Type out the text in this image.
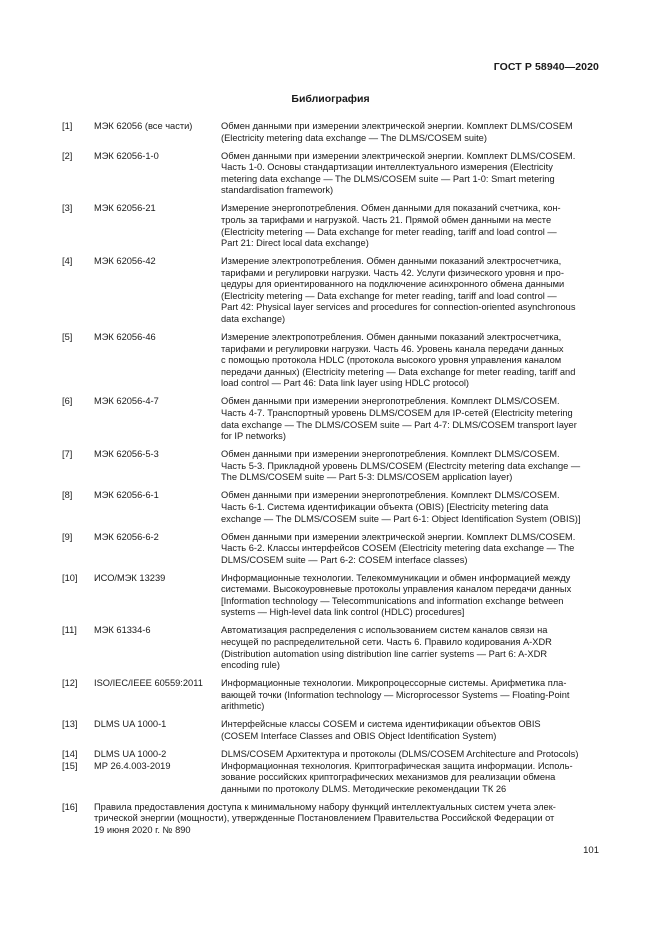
ГОСТ Р 58940—2020
Библиография
[1]	МЭК 62056 (все части)	Обмен данными при измерении электрической энергии. Комплект DLMS/COSEM
(Electricity metering data exchange — The DLMS/COSEM suite)
[2]	МЭК 62056-1-0	Обмен данными при измерении электрической энергии. Комплект DLMS/COSEM.
Часть 1-0. Основы стандартизации интеллектуального измерения (Electricity
metering data exchange — The DLMS/COSEM suite — Part 1-0: Smart metering
standardisation framework)
[3]	МЭК 62056-21	Измерение энергопотребления. Обмен данными для показаний счетчика, кон-
троль за тарифами и нагрузкой. Часть 21. Прямой обмен данными на месте
(Electricity metering — Data exchange for meter reading, tariff and load control —
Part 21: Direct local data exchange)
[4]	МЭК 62056-42	Измерение электропотребления. Обмен данными показаний электросчетчика,
тарифами и регулировки нагрузки. Часть 42. Услуги физического уровня и про-
цедуры для ориентированного на подключение асинхронного обмена данными
(Electricity metering — Data exchange for meter reading, tariff and load control —
Part 42: Physical layer services and procedures for connection-oriented asynchronous
data exchange)
[5]	МЭК 62056-46	Измерение электропотребления. Обмен данными показаний электросчетчика,
тарифами и регулировки нагрузки. Часть 46. Уровень канала передачи данных
с помощью протокола HDLC (протокола высокого уровня управления каналом
передачи данных) (Electricity metering — Data exchange for meter reading, tariff and
load control — Part 46: Data link layer using HDLC protocol)
[6]	МЭК 62056-4-7	Обмен данными при измерении энергопотребления. Комплект DLMS/COSEM.
Часть 4-7. Транспортный уровень DLMS/COSEM для IP-сетей (Electricity metering
data exchange — The DLMS/COSEM suite — Part 4-7: DLMS/COSEM transport layer
for IP networks)
[7]	МЭК 62056-5-3	Обмен данными при измерении энергопотребления. Комплект DLMS/COSEM.
Часть 5-3. Прикладной уровень DLMS/COSEM (Electrcity metering data exchange —
The DLMS/COSEM suite — Part 5-3: DLMS/COSEM application layer)
[8]	МЭК 62056-6-1	Обмен данными при измерении энергопотребления. Комплект DLMS/COSEM.
Часть 6-1. Система идентификации объекта (OBIS) [Electricity metering data
exchange — The DLMS/COSEM suite — Part 6-1: Object Identification System (OBIS)]
[9]	МЭК 62056-6-2	Обмен данными при измерении электрической энергии. Комплект DLMS/COSEM.
Часть 6-2. Классы интерфейсов COSEM (Electricity metering data exchange — The
DLMS/COSEM suite — Part 6-2: COSEM interface classes)
[10]	ИСО/МЭК 13239	Информационные технологии. Телекоммуникации и обмен информацией между
системами. Высокоуровневые протоколы управления каналом передачи данных
[Information technology — Telecommunications and information exchange between
systems — High-level data link control (HDLC) procedures]
[11]	МЭК 61334-6	Автоматизация распределения с использованием систем каналов связи на
несущей по распределительной сети. Часть 6. Правило кодирования A-XDR
(Distribution automation using distribution line carrier systems — Part 6: A-XDR
encoding rule)
[12]	ISO/IEC/IEEE 60559:2011	Информационные технологии. Микропроцессорные системы. Арифметика пла-
вающей точки (Information technology — Microprocessor Systems — Floating-Point
arithmetic)
[13]	DLMS UA 1000-1	Интерфейсные классы COSEM и система идентификации объектов OBIS
(COSEM Interface Classes and OBIS Object Identification System)
[14]	DLMS UA 1000-2	DLMS/COSEM Архитектура и протоколы (DLMS/COSEM Architecture and Protocols)
[15]	МР 26.4.003-2019	Информационная технология. Криптографическая защита информации. Исполь-
зование российских криптографических механизмов для реализации обмена
данными по протоколу DLMS. Методические рекомендации ТК 26
[16]	Правила предоставления доступа к минимальному набору функций интеллектуальных систем учета элек-
трической энергии (мощности), утвержденные Постановлением Правительства Российской Федерации от
19 июня 2020 г. № 890
101
